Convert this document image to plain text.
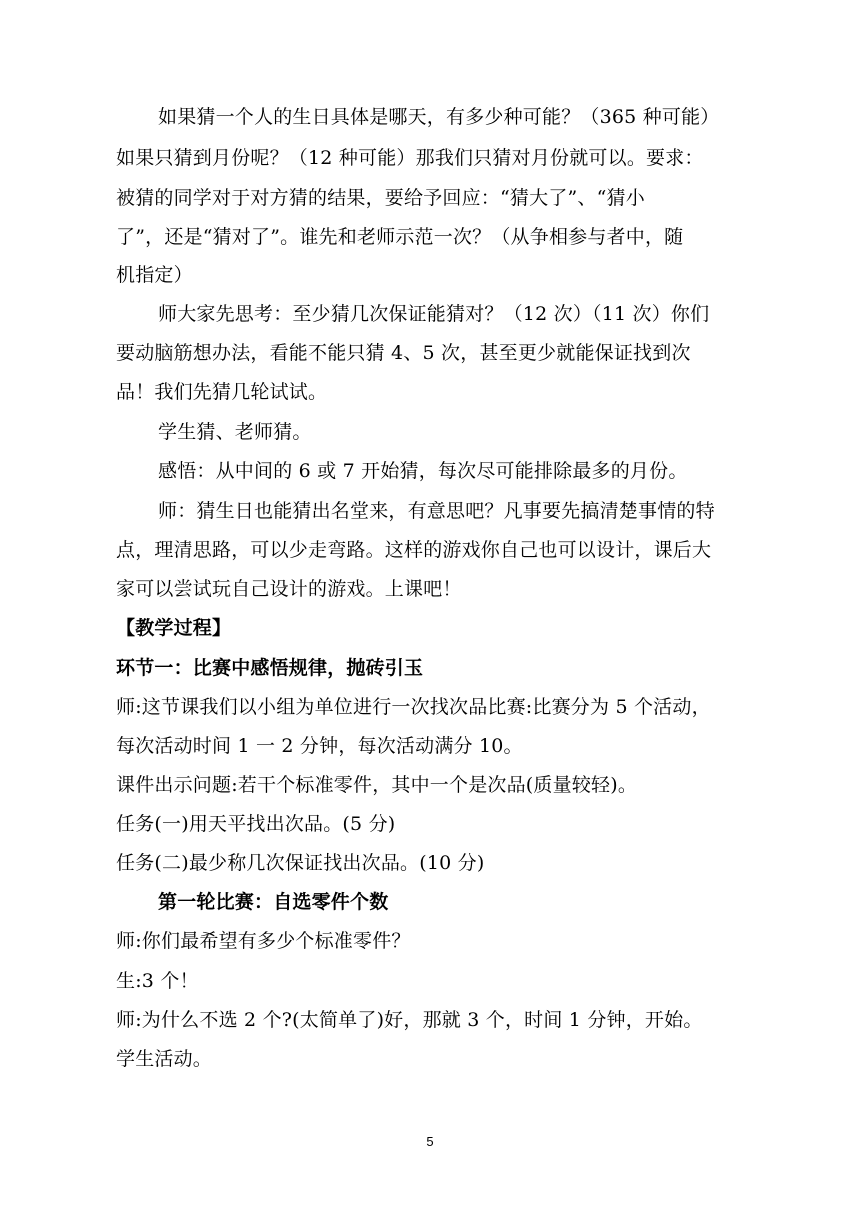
如果猜一个人的生日具体是哪天，有多少种可能？（365 种可能）
如果只猜到月份呢？（12 种可能）那我们只猜对月份就可以。要求：
被猜的同学对于对方猜的结果，要给予回应：“猜大了”、“猜小
了”，还是“猜对了”。谁先和老师示范一次？（从争相参与者中，随
机指定）
师大家先思考：至少猜几次保证能猜对？（12 次）（11 次）你们
要动脑筋想办法，看能不能只猜 4、5 次，甚至更少就能保证找到次
品！我们先猜几轮试试。
学生猜、老师猜。
感悟：从中间的 6 或 7 开始猜，每次尽可能排除最多的月份。
师：猜生日也能猜出名堂来，有意思吧？凡事要先搞清楚事情的特
点，理清思路，可以少走弯路。这样的游戏你自己也可以设计，课后大
家可以尝试玩自己设计的游戏。上课吧！
【教学过程】
环节一：比赛中感悟规律，抛砖引玉
师:这节课我们以小组为单位进行一次找次品比赛:比赛分为 5 个活动，
每次活动时间 1 一 2 分钟，每次活动满分 10。
课件出示问题:若干个标准零件，其中一个是次品(质量较轻)。
任务(一)用天平找出次品。(5 分)
任务(二)最少称几次保证找出次品。(10 分)
第一轮比赛：自选零件个数
师:你们最希望有多少个标准零件？
生:3 个！
师:为什么不选 2 个?(太简单了)好，那就 3 个，时间 1 分钟，开始。
学生活动。
5
